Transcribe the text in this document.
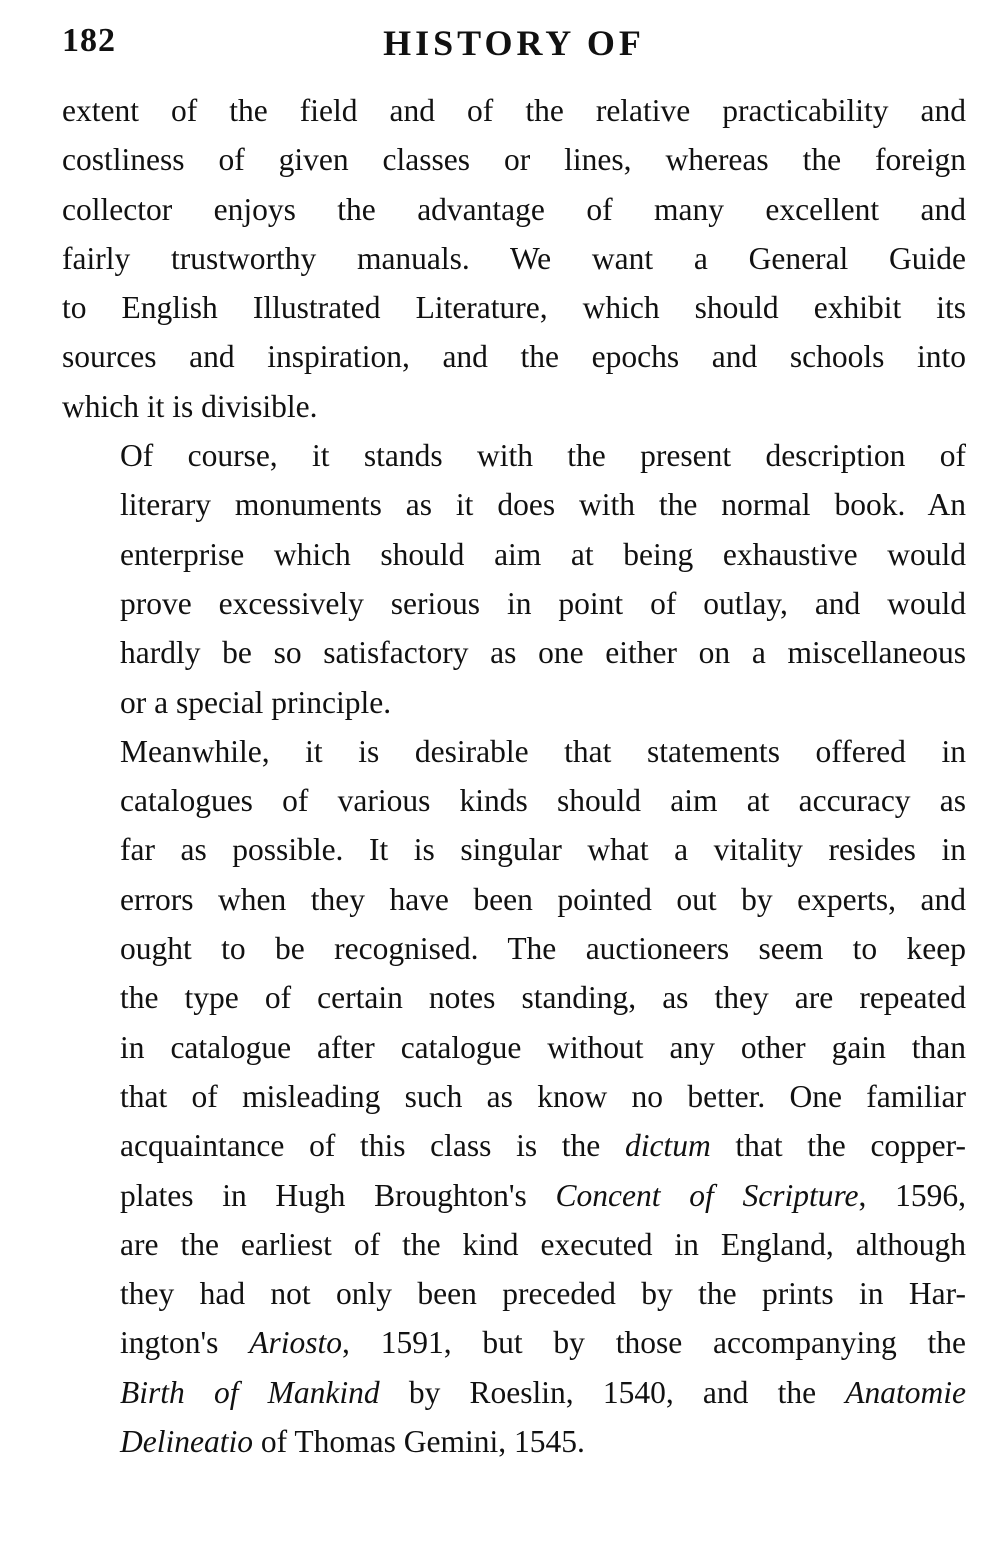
182	HISTORY OF

extent of the field and of the relative practicability and
costliness of given classes or lines, whereas the foreign
collector enjoys the advantage of many excellent and
fairly trustworthy manuals. We want a General Guide
to English Illustrated Literature, which should exhibit its
sources and inspiration, and the epochs and schools into
which it is divisible.

Of course, it stands with the present description of
literary monuments as it does with the normal book. An
enterprise which should aim at being exhaustive would
prove excessively serious in point of outlay, and would
hardly be so satisfactory as one either on a miscellaneous
or a special principle.

Meanwhile, it is desirable that statements offered in
catalogues of various kinds should aim at accuracy as
far as possible. It is singular what a vitality resides in
errors when they have been pointed out by experts, and
ought to be recognised. The auctioneers seem to keep
the type of certain notes standing, as they are repeated
in catalogue after catalogue without any other gain than
that of misleading such as know no better. One familiar
acquaintance of this class is the dictum that the copper-
plates in Hugh Broughton's Concent of Scripture, 1596,
are the earliest of the kind executed in England, although
they had not only been preceded by the prints in Har-
ington's Ariosto, 1591, but by those accompanying the
Birth of Mankind by Roeslin, 1540, and the Anatomie
Delineatio of Thomas Gemini, 1545.
